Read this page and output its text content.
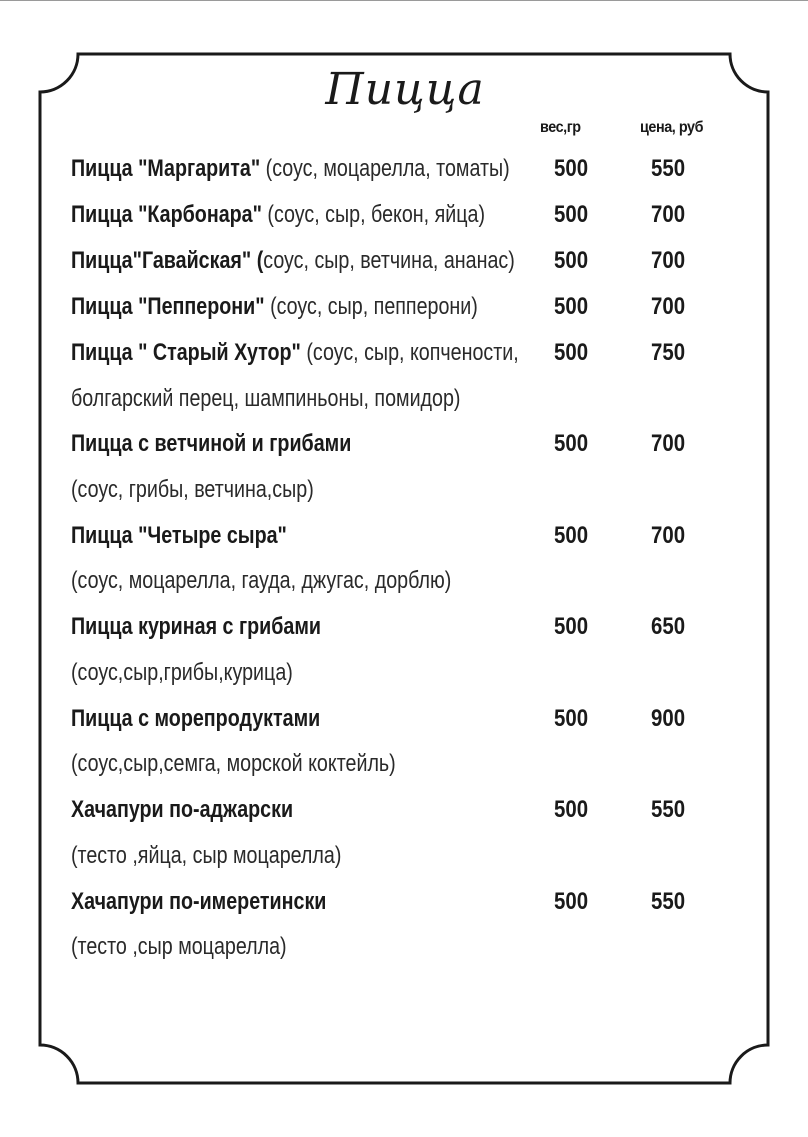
Пицца
вес,гр	цена, руб
Пицца "Маргарита" (соус, моцарелла, томаты) 500	550
Пицца "Карбонара" (соус, сыр, бекон, яйца)	500	700
Пицца"Гавайская" (соус, сыр, ветчина, ананас) 500	700
Пицца "Пепперони" (соус, сыр, пепперони)	500	700
Пицца " Старый Хутор" (соус, сыр, копчености, 500	750
болгарский перец, шампиньоны, помидор)
Пицца с ветчиной и грибами	500	700
(соус, грибы, ветчина,сыр)
Пицца "Четыре сыра"	500	700
(соус, моцарелла, гауда, джугас, дорблю)
Пицца куриная с грибами	500	650
(соус,сыр,грибы,курица)
Пицца с морепродуктами	500	900
(соус,сыр,семга, морской коктейль)
Хачапури по-аджарски	500	550
(тесто ,яйца, сыр моцарелла)
Хачапури по-имеретински	500	550
(тесто ,сыр моцарелла)
